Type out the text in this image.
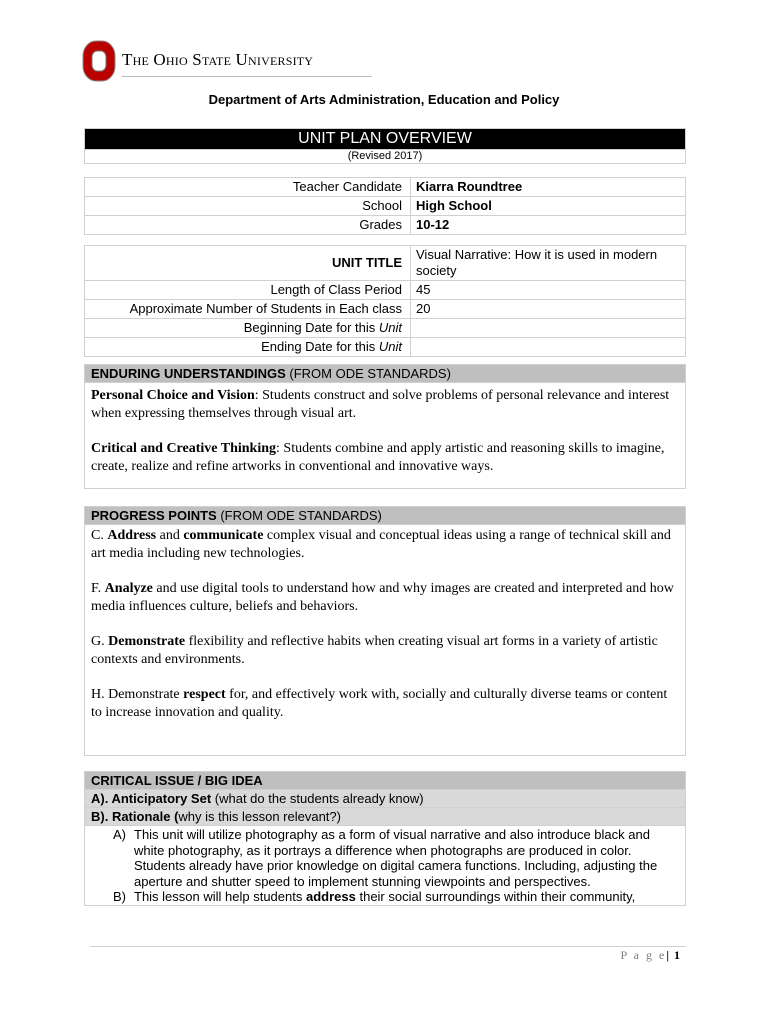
The Ohio State University
Department of Arts Administration, Education and Policy
UNIT PLAN OVERVIEW
(Revised 2017)
Teacher Candidate	Kiarra Roundtree
School	High School
Grades	10-12
UNIT TITLE	Visual Narrative: How it is used in modern society
Length of Class Period	45
Approximate Number of Students in Each class	20
Beginning Date for this Unit	
Ending Date for this Unit	
ENDURING UNDERSTANDINGS (FROM ODE STANDARDS)

Personal Choice and Vision: Students construct and solve problems of personal relevance and interest when expressing themselves through visual art.

Critical and Creative Thinking: Students combine and apply artistic and reasoning skills to imagine, create, realize and refine artworks in conventional and innovative ways.

PROGRESS POINTS (FROM ODE STANDARDS)

C. Address and communicate complex visual and conceptual ideas using a range of technical skill and art media including new technologies.

F. Analyze and use digital tools to understand how and why images are created and interpreted and how media influences culture, beliefs and behaviors.

G. Demonstrate flexibility and reflective habits when creating visual art forms in a variety of artistic contexts and environments.

H. Demonstrate respect for, and effectively work with, socially and culturally diverse teams or content to increase innovation and quality.

CRITICAL ISSUE / BIG IDEA
A). Anticipatory Set (what do the students already know)
B). Rationale (why is this lesson relevant?)

A) This unit will utilize photography as a form of visual narrative and also introduce black and white photography, as it portrays a difference when photographs are produced in color. Students already have prior knowledge on digital camera functions. Including, adjusting the aperture and shutter speed to implement stunning viewpoints and perspectives.
B) This lesson will help students address their social surroundings within their community,
P a g e| 1
